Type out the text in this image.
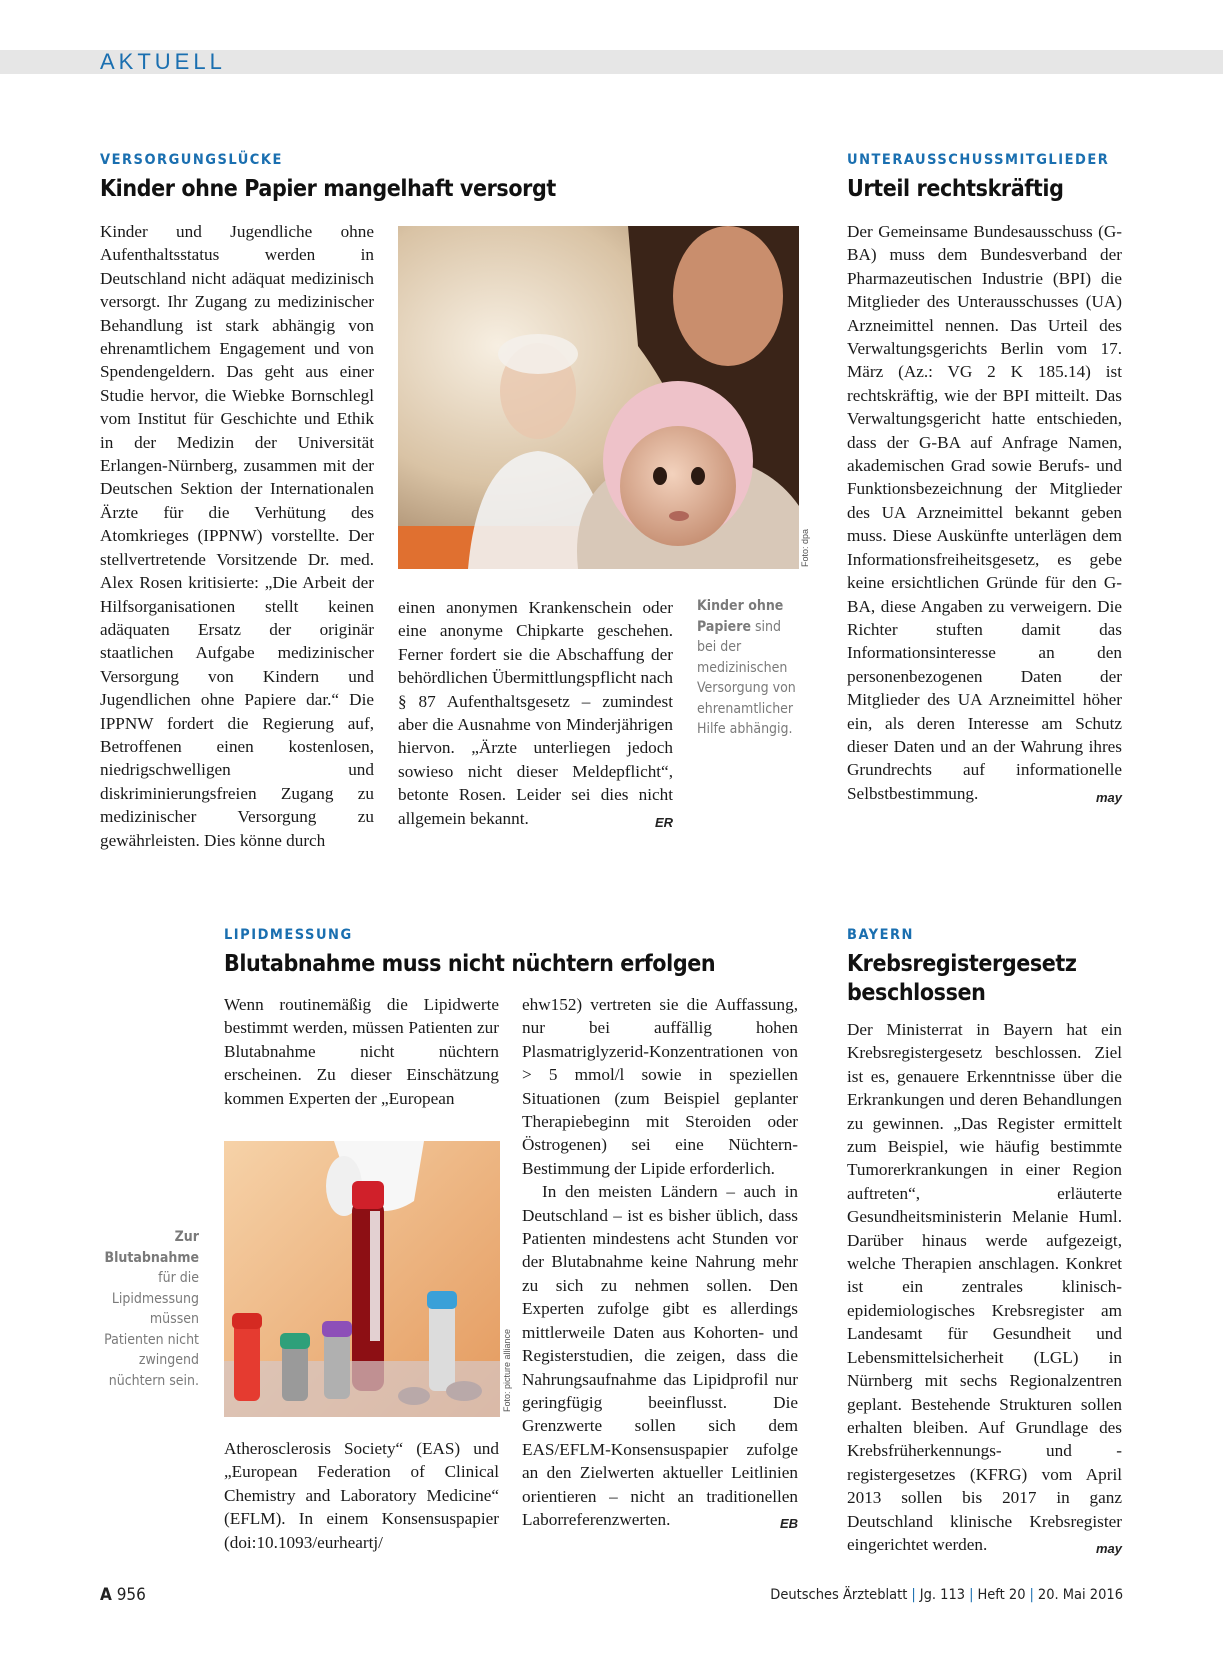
AKTUELL
VERSORGUNGSLÜCKE
Kinder ohne Papier mangelhaft versorgt

Kinder und Jugendliche ohne Aufenthaltsstatus werden in Deutschland nicht adäquat medizinisch versorgt. Ihr Zugang zu medizinischer Behandlung ist stark abhängig von ehrenamtlichem Engagement und von Spendengeldern. Das geht aus einer Studie hervor, die Wiebke Bornschlegl vom Institut für Geschichte und Ethik in der Medizin der Universität Erlangen-Nürnberg, zusammen mit der Deutschen Sektion der Internationalen Ärzte für die Verhütung des Atomkrieges (IPPNW) vorstellte. Der stellvertretende Vorsitzende Dr. med. Alex Rosen kritisierte: „Die Arbeit der Hilfsorganisationen stellt keinen adäquaten Ersatz der originär staatlichen Aufgabe medizinischer Versorgung von Kindern und Jugendlichen ohne Papiere dar.“ Die IPPNW fordert die Regierung auf, Betroffenen einen kostenlosen, niedrigschwelligen und diskriminierungsfreien Zugang zu medizinischer Versorgung zu gewährleisten. Dies könne durch

Foto: dpa

einen anonymen Krankenschein oder eine anonyme Chipkarte geschehen. Ferner fordert sie die Abschaffung der behördlichen Übermittlungspflicht nach § 87 Aufenthaltsgesetz – zumindest aber die Ausnahme von Minderjährigen hiervon. „Ärzte unterliegen jedoch sowieso nicht dieser Meldepflicht“, betonte Rosen. Leider sei dies nicht allgemein bekannt.	ER

Kinder ohne Papiere sind bei der medizinischen Versorgung von ehrenamtlicher Hilfe abhängig.
UNTERAUSSCHUSSMITGLIEDER
Urteil rechtskräftig

Der Gemeinsame Bundesausschuss (G-BA) muss dem Bundesverband der Pharmazeutischen Industrie (BPI) die Mitglieder des Unterausschusses (UA) Arzneimittel nennen. Das Urteil des Verwaltungsgerichts Berlin vom 17. März (Az.: VG 2 K 185.14) ist rechtskräftig, wie der BPI mitteilt. Das Verwaltungsgericht hatte entschieden, dass der G-BA auf Anfrage Namen, akademischen Grad sowie Berufs- und Funktionsbezeichnung der Mitglieder des UA Arzneimittel bekannt geben muss. Diese Auskünfte unterlägen dem Informationsfreiheitsgesetz, es gebe keine ersichtlichen Gründe für den G-BA, diese Angaben zu verweigern. Die Richter stuften damit das Informationsinteresse an den personenbezogenen Daten der Mitglieder des UA Arzneimittel höher ein, als deren Interesse am Schutz dieser Daten und an der Wahrung ihres Grundrechts auf informationelle Selbstbestimmung.	may

LIPIDMESSUNG
Blutabnahme muss nicht nüchtern erfolgen

Wenn routinemäßig die Lipidwerte bestimmt werden, müssen Patienten zur Blutabnahme nicht nüchtern erscheinen. Zu dieser Einschätzung kommen Experten der „European

Foto: picture alliance
Zur Blutabnahme für die Lipidmessung müssen Patienten nicht zwingend nüchtern sein.

Atherosclerosis Society“ (EAS) und „European Federation of Clinical Chemistry and Laboratory Medicine“ (EFLM). In einem Konsensuspapier (doi:10.1093/eurheartj/

ehw152) vertreten sie die Auffassung, nur bei auffällig hohen Plasmatriglyzerid-Konzentrationen von > 5 mmol/l sowie in speziellen Situationen (zum Beispiel geplanter Therapiebeginn mit Steroiden oder Östrogenen) sei eine Nüchtern-Bestimmung der Lipide erforderlich.

In den meisten Ländern – auch in Deutschland – ist es bisher üblich, dass Patienten mindestens acht Stunden vor der Blutabnahme keine Nahrung mehr zu sich zu nehmen sollen. Den Experten zufolge gibt es allerdings mittlerweile Daten aus Kohorten- und Registerstudien, die zeigen, dass die Nahrungsaufnahme das Lipidprofil nur geringfügig beeinflusst. Die Grenzwerte sollen sich dem EAS/EFLM-Konsensuspapier zufolge an den Zielwerten aktueller Leitlinien orientieren – nicht an traditionellen Laborreferenzwerten.	EB

BAYERN
Krebsregistergesetz beschlossen

Der Ministerrat in Bayern hat ein Krebsregistergesetz beschlossen. Ziel ist es, genauere Erkenntnisse über die Erkrankungen und deren Behandlungen zu gewinnen. „Das Register ermittelt zum Beispiel, wie häufig bestimmte Tumorerkrankungen in einer Region auftreten“, erläuterte Gesundheitsministerin Melanie Huml. Darüber hinaus werde aufgezeigt, welche Therapien anschlagen. Konkret ist ein zentrales klinisch-epidemiologisches Krebsregister am Landesamt für Gesundheit und Lebensmittelsicherheit (LGL) in Nürnberg mit sechs Regionalzentren geplant. Bestehende Strukturen sollen erhalten bleiben. Auf Grundlage des Krebsfrüherkennungs- und -registergesetzes (KFRG) vom April 2013 sollen bis 2017 in ganz Deutschland klinische Krebsregister eingerichtet werden.	may

A 956	Deutsches Ärzteblatt | Jg. 113 | Heft 20 | 20. Mai 2016
